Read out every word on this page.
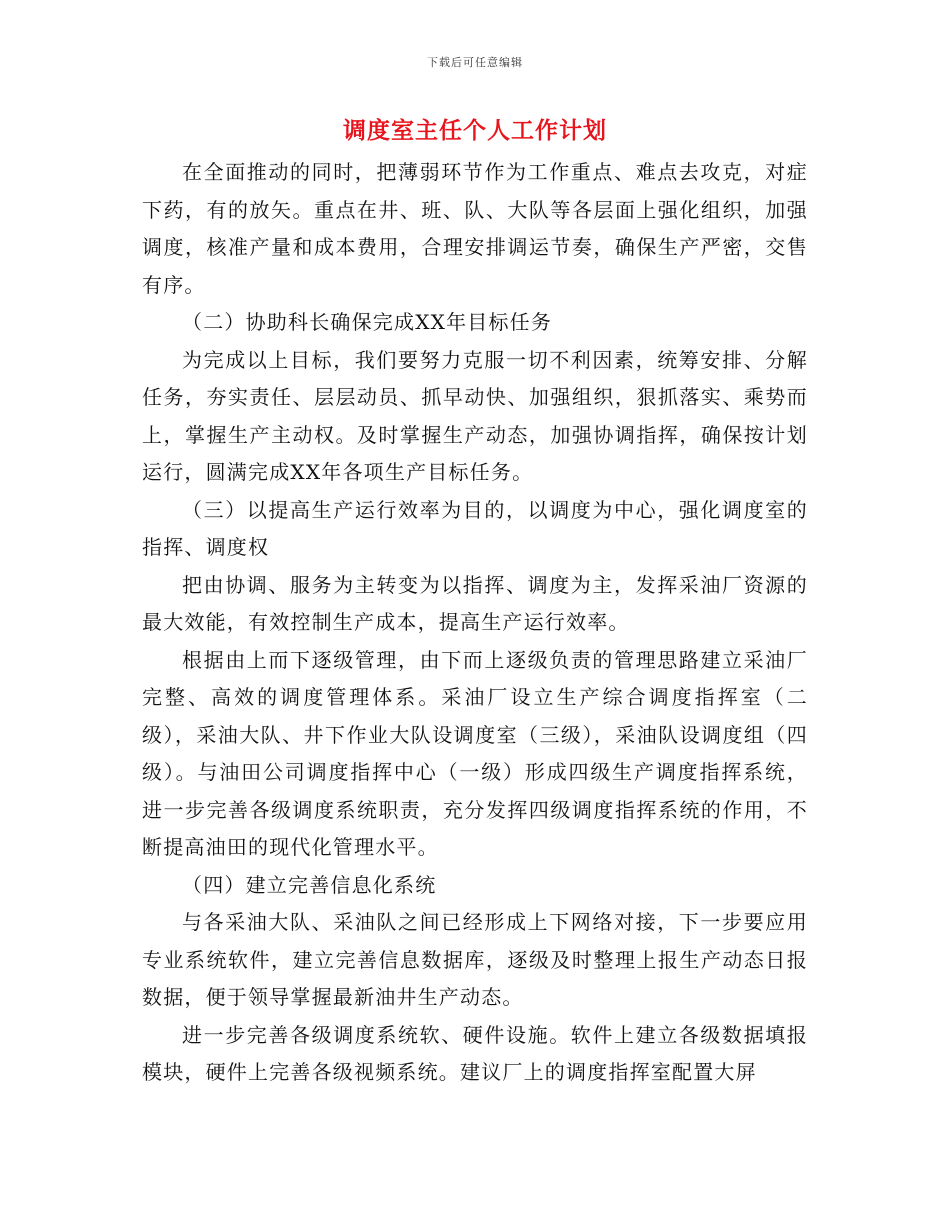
下载后可任意编辑
调度室主任个人工作计划

在全面推动的同时，把薄弱环节作为工作重点、难点去攻克，对症下药，有的放矢。重点在井、班、队、大队等各层面上强化组织，加强调度，核准产量和成本费用，合理安排调运节奏，确保生产严密，交售有序。

（二）协助科长确保完成XX年目标任务

为完成以上目标，我们要努力克服一切不利因素，统筹安排、分解任务，夯实责任、层层动员、抓早动快、加强组织，狠抓落实、乘势而上，掌握生产主动权。及时掌握生产动态，加强协调指挥，确保按计划运行，圆满完成XX年各项生产目标任务。

（三）以提高生产运行效率为目的，以调度为中心，强化调度室的指挥、调度权

把由协调、服务为主转变为以指挥、调度为主，发挥采油厂资源的最大效能，有效控制生产成本，提高生产运行效率。

根据由上而下逐级管理，由下而上逐级负责的管理思路建立采油厂完整、高效的调度管理体系。采油厂设立生产综合调度指挥室（二级），采油大队、井下作业大队设调度室（三级），采油队设调度组（四级）。与油田公司调度指挥中心（一级）形成四级生产调度指挥系统，进一步完善各级调度系统职责，充分发挥四级调度指挥系统的作用，不断提高油田的现代化管理水平。

（四）建立完善信息化系统

与各采油大队、采油队之间已经形成上下网络对接，下一步要应用专业系统软件，建立完善信息数据库，逐级及时整理上报生产动态日报数据，便于领导掌握最新油井生产动态。

进一步完善各级调度系统软、硬件设施。软件上建立各级数据填报模块，硬件上完善各级视频系统。建议厂上的调度指挥室配置大屏
